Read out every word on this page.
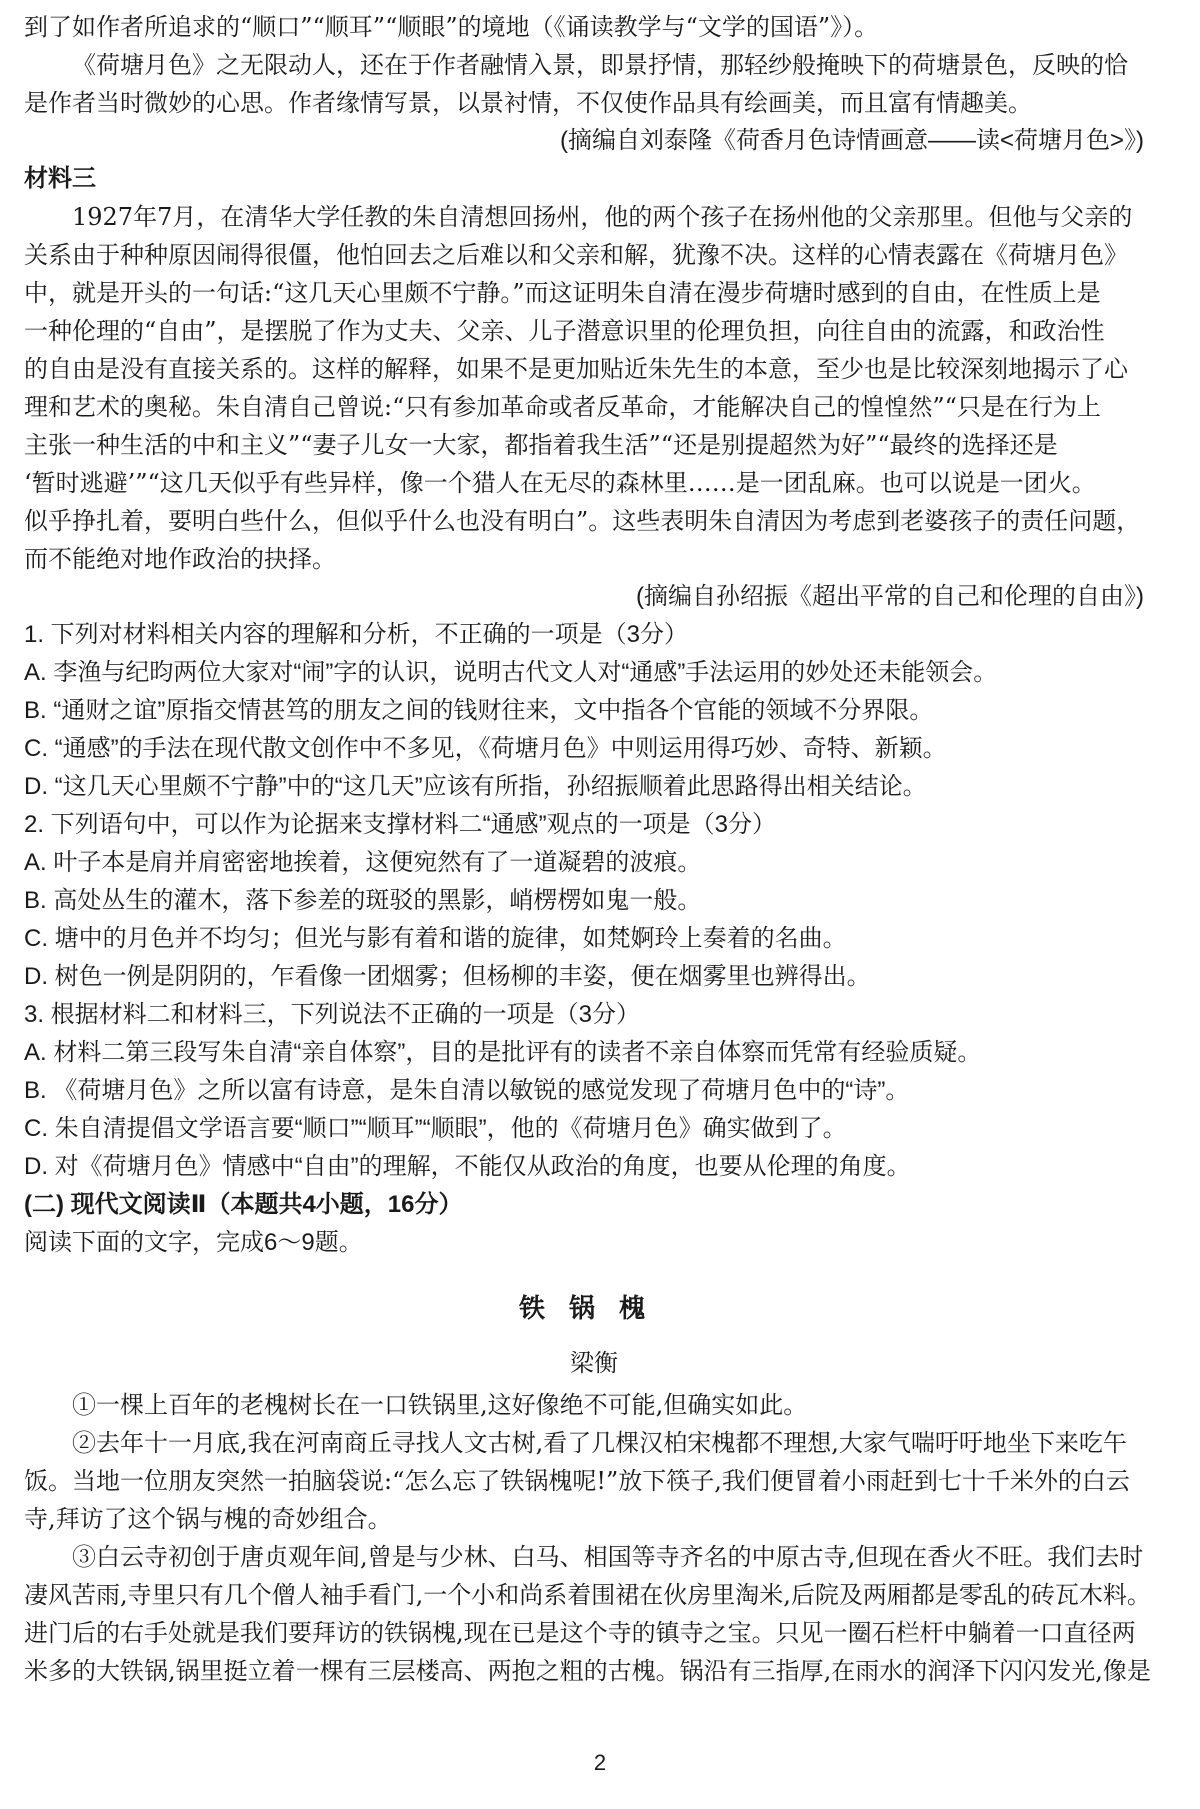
到了如作者所追求的“顺口”“顺耳”“顺眼”的境地（《诵读教学与“文学的国语”》）。

《荷塘月色》之无限动人，还在于作者融情入景，即景抒情，那轻纱般掩映下的荷塘景色，反映的恰

是作者当时微妙的心思。作者缘情写景，以景衬情，不仅使作品具有绘画美，而且富有情趣美。

(摘编自刘泰隆《荷香月色诗情画意——读<荷塘月色>》)

材料三

1927年7月，在清华大学任教的朱自清想回扬州，他的两个孩子在扬州他的父亲那里。但他与父亲的

关系由于种种原因闹得很僵，他怕回去之后难以和父亲和解，犹豫不决。这样的心情表露在《荷塘月色》

中，就是开头的一句话:“这几天心里颇不宁静。”而这证明朱自清在漫步荷塘时感到的自由，在性质上是

一种伦理的“自由”，是摆脱了作为丈夫、父亲、儿子潜意识里的伦理负担，向往自由的流露，和政治性

的自由是没有直接关系的。这样的解释，如果不是更加贴近朱先生的本意，至少也是比较深刻地揭示了心

理和艺术的奥秘。朱自清自己曾说:“只有参加革命或者反革命，才能解决自己的惶惶然”“只是在行为上

主张一种生活的中和主义”“妻子儿女一大家，都指着我生活”“还是别提超然为好”“最终的选择还是

‘暂时逃避’”“这几天似乎有些异样，像一个猎人在无尽的森林里……是一团乱麻。也可以说是一团火。

似乎挣扎着，要明白些什么，但似乎什么也没有明白”。这些表明朱自清因为考虑到老婆孩子的责任问题，

而不能绝对地作政治的抉择。

(摘编自孙绍振《超出平常的自己和伦理的自由》)

1. 下列对材料相关内容的理解和分析，不正确的一项是（3分）

A. 李渔与纪昀两位大家对“闹”字的认识，说明古代文人对“通感”手法运用的妙处还未能领会。

B. “通财之谊”原指交情甚笃的朋友之间的钱财往来，文中指各个官能的领域不分界限。

C. “通感”的手法在现代散文创作中不多见，《荷塘月色》中则运用得巧妙、奇特、新颖。

D. “这几天心里颇不宁静”中的“这几天”应该有所指，孙绍振顺着此思路得出相关结论。

2. 下列语句中，可以作为论据来支撑材料二“通感”观点的一项是（3分）

A. 叶子本是肩并肩密密地挨着，这便宛然有了一道凝碧的波痕。

B. 高处丛生的灌木，落下参差的斑驳的黑影，峭楞楞如鬼一般。

C. 塘中的月色并不均匀；但光与影有着和谐的旋律，如梵婀玲上奏着的名曲。

D. 树色一例是阴阴的，乍看像一团烟雾；但杨柳的丰姿，便在烟雾里也辨得出。

3. 根据材料二和材料三，下列说法不正确的一项是（3分）

A. 材料二第三段写朱自清“亲自体察”，目的是批评有的读者不亲自体察而凭常有经验质疑。

B. 《荷塘月色》之所以富有诗意，是朱自清以敏锐的感觉发现了荷塘月色中的“诗”。

C. 朱自清提倡文学语言要“顺口”“顺耳”“顺眼”，他的《荷塘月色》确实做到了。

D. 对《荷塘月色》情感中“自由”的理解，不能仅从政治的角度，也要从伦理的角度。

(二) 现代文阅读Ⅱ（本题共4小题，16分）

阅读下面的文字，完成6～9题。

铁锅槐

梁衡

①一棵上百年的老槐树长在一口铁锅里,这好像绝不可能,但确实如此。

②去年十一月底,我在河南商丘寻找人文古树,看了几棵汉柏宋槐都不理想,大家气喘吁吁地坐下来吃午

饭。当地一位朋友突然一拍脑袋说:“怎么忘了铁锅槐呢!”放下筷子,我们便冒着小雨赶到七十千米外的白云

寺,拜访了这个锅与槐的奇妙组合。

③白云寺初创于唐贞观年间,曾是与少林、白马、相国等寺齐名的中原古寺,但现在香火不旺。我们去时

凄风苦雨,寺里只有几个僧人袖手看门,一个小和尚系着围裙在伙房里淘米,后院及两厢都是零乱的砖瓦木料。

进门后的右手处就是我们要拜访的铁锅槐,现在已是这个寺的镇寺之宝。只见一圈石栏杆中躺着一口直径两

米多的大铁锅,锅里挺立着一棵有三层楼高、两抱之粗的古槐。锅沿有三指厚,在雨水的润泽下闪闪发光,像是

2
